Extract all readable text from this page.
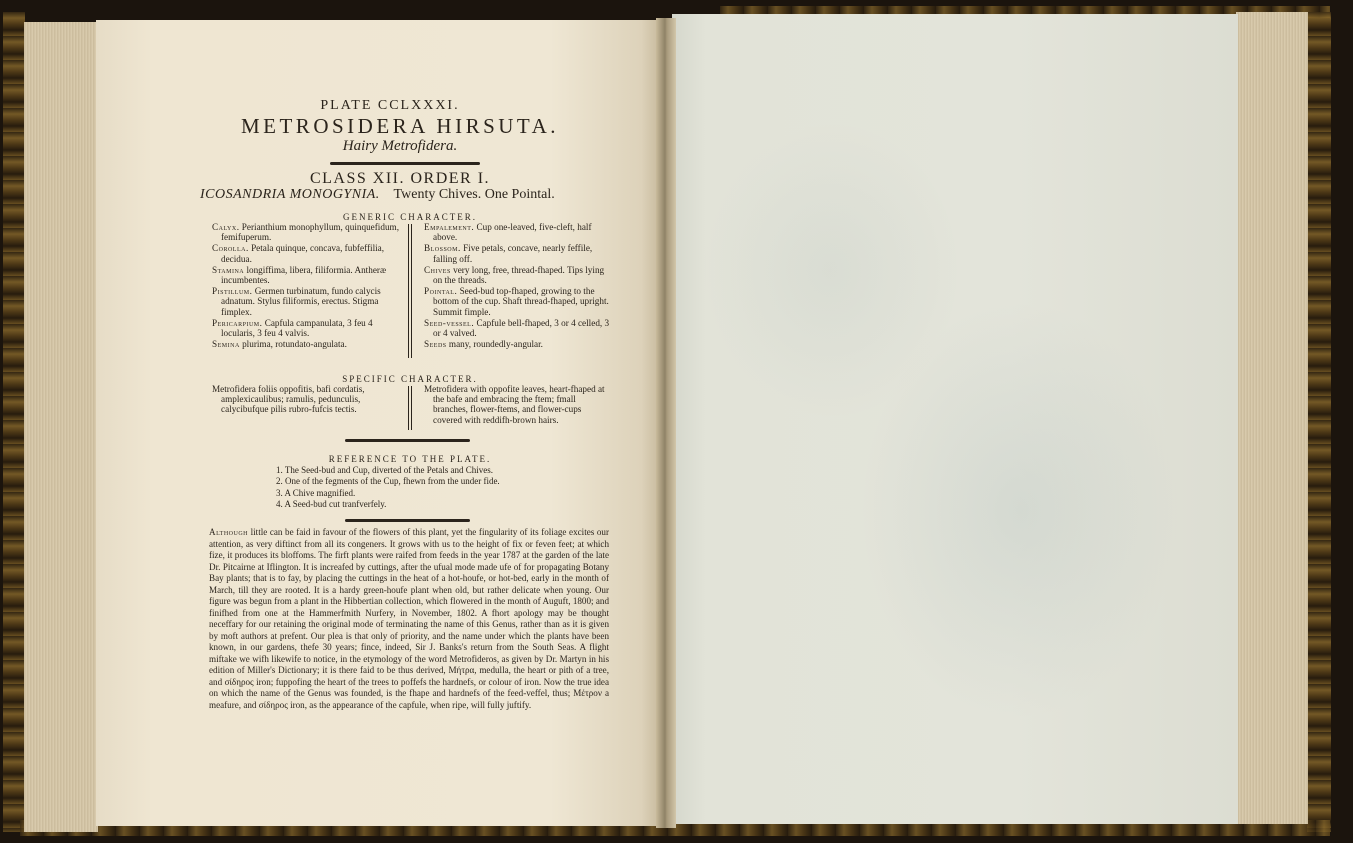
PLATE CCLXXXI.
METROSIDERA HIRSUTA.
Hairy Metrofidera.
CLASS XII. ORDER I.
ICOSANDRIA MONOGYNIA. Twenty Chives. One Pointal.
GENERIC CHARACTER.

Calyx. Perianthium monophyllum, quinquefidum, femifuperum.

Corolla. Petala quinque, concava, fubfeffilia, decidua.

Stamina longiffima, libera, filiformia. Antheræ incumbentes.

Pistillum. Germen turbinatum, fundo calycis adnatum. Stylus filiformis, erectus. Stigma fimplex.

Pericarpium. Capfula campanulata, 3 feu 4 locularis, 3 feu 4 valvis.

Semina plurima, rotundato-angulata.

Empalement. Cup one-leaved, five-cleft, half above.

Blossom. Five petals, concave, nearly feffile, falling off.

Chives very long, free, thread-fhaped. Tips lying on the threads.

Pointal. Seed-bud top-fhaped, growing to the bottom of the cup. Shaft thread-fhaped, upright. Summit fimple.

Seed-vessel. Capfule bell-fhaped, 3 or 4 celled, 3 or 4 valved.

Seeds many, roundedly-angular.

SPECIFIC CHARACTER.

Metrofidera foliis oppofitis, bafi cordatis, amplexicaulibus; ramulis, pedunculis, calycibufque pilis rubro-fufcis tectis.

Metrofidera with oppofite leaves, heart-fhaped at the bafe and embracing the ftem; fmall branches, flower-ftems, and flower-cups covered with reddifh-brown hairs.

REFERENCE TO THE PLATE.
1. The Seed-bud and Cup, diverted of the Petals and Chives.
2. One of the fegments of the Cup, fhewn from the under fide.
3. A Chive magnified.
4. A Seed-bud cut tranfverfely.

Although little can be faid in favour of the flowers of this plant, yet the fingularity of its foliage excites our attention, as very diftinct from all its congeners. It grows with us to the height of fix or feven feet; at which fize, it produces its bloffoms. The firft plants were raifed from feeds in the year 1787 at the garden of the late Dr. Pitcairne at Iflington. It is increafed by cuttings, after the ufual mode made ufe of for propagating Botany Bay plants; that is to fay, by placing the cuttings in the heat of a hot-houfe, or hot-bed, early in the month of March, till they are rooted. It is a hardy green-houfe plant when old, but rather delicate when young. Our figure was begun from a plant in the Hibbertian collection, which flowered in the month of Auguft, 1800; and finifhed from one at the Hammerfmith Nurfery, in November, 1802. A fhort apology may be thought neceffary for our retaining the original mode of terminating the name of this Genus, rather than as it is given by moft authors at prefent. Our plea is that only of priority, and the name under which the plants have been known, in our gardens, thefe 30 years; fince, indeed, Sir J. Banks's return from the South Seas. A flight miftake we wifh likewife to notice, in the etymology of the word Metrofideros, as given by Dr. Martyn in his edition of Miller's Dictionary; it is there faid to be thus derived, Μήτρα, medulla, the heart or pith of a tree, and σίδηρος iron; fuppofing the heart of the trees to poffefs the hardnefs, or colour of iron. Now the true idea on which the name of the Genus was founded, is the fhape and hardnefs of the feed-veffel, thus; Μέτρον a meafure, and σίδηρος iron, as the appearance of the capfule, when ripe, will fully juftify.
